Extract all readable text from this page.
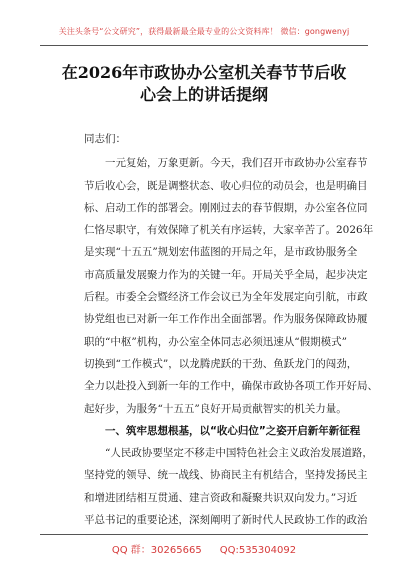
关注头条号“公文研究”，获得最新最全最专业的公文资料库！ 微信：gongwenyj
在2026年市政协办公室机关春节节后收
心会上的讲话提纲
同志们：
一元复始，万象更新。今天，我们召开市政协办公室春节
节后收心会，既是调整状态、收心归位的动员会，也是明确目
标、启动工作的部署会。刚刚过去的春节假期，办公室各位同
仁恪尽职守，有效保障了机关有序运转，大家辛苦了。2026年
是实现“十五五”规划宏伟蓝图的开局之年，是市政协服务全
市高质量发展聚力作为的关键一年。开局关乎全局，起步决定
后程。市委全会暨经济工作会议已为全年发展定向引航，市政
协党组也已对新一年工作作出全面部署。作为服务保障政协履
职的“中枢”机构，办公室全体同志必须迅速从“假期模式”
切换到“工作模式”，以龙腾虎跃的干劲、鱼跃龙门的闯劲，
全力以赴投入到新一年的工作中，确保市政协各项工作开好局、
起好步，为服务“十五五”良好开局贡献智实的机关力量。
一、筑牢思想根基，以“收心归位”之姿开启新年新征程
“人民政协要坚定不移走中国特色社会主义政治发展道路，
坚持党的领导、统一战线、协商民主有机结合，坚持发扬民主
和增进团结相互贯通、建言资政和凝聚共识双向发力。”习近
平总书记的重要论述，深刻阐明了新时代人民政协工作的政治
QQ 群：30265665 QQ:535304092
